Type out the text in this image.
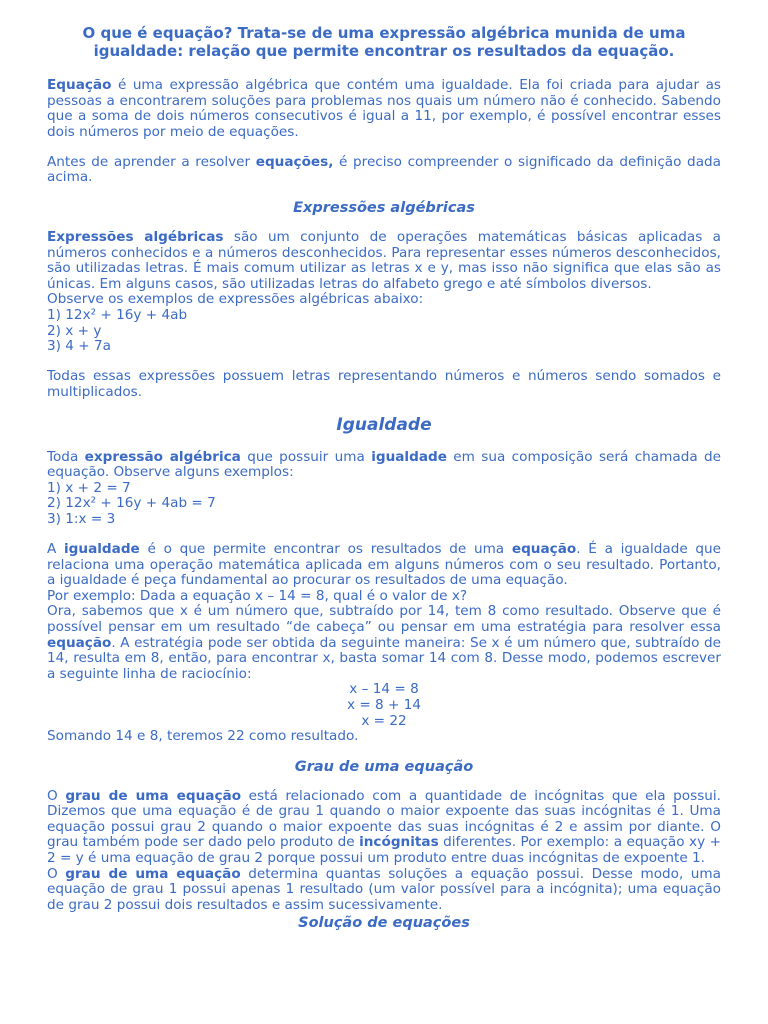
O que é equação? Trata-se de uma expressão algébrica munida de uma igualdade: relação que permite encontrar os resultados da equação.

Equação é uma expressão algébrica que contém uma igualdade. Ela foi criada para ajudar as pessoas a encontrarem soluções para problemas nos quais um número não é conhecido. Sabendo que a soma de dois números consecutivos é igual a 11, por exemplo, é possível encontrar esses dois números por meio de equações.

Antes de aprender a resolver equações, é preciso compreender o significado da definição dada acima.

Expressões algébricas

Expressões algébricas são um conjunto de operações matemáticas básicas aplicadas a números conhecidos e a números desconhecidos. Para representar esses números desconhecidos, são utilizadas letras. É mais comum utilizar as letras x e y, mas isso não significa que elas são as únicas. Em alguns casos, são utilizadas letras do alfabeto grego e até símbolos diversos.

Observe os exemplos de expressões algébricas abaixo:

1) 12x² + 16y + 4ab

2) x + y

3) 4 + 7a

Todas essas expressões possuem letras representando números e números sendo somados e multiplicados.

Igualdade

Toda expressão algébrica que possuir uma igualdade em sua composição será chamada de equação. Observe alguns exemplos:

1) x + 2 = 7

2) 12x² + 16y + 4ab = 7

3) 1:x = 3

A igualdade é o que permite encontrar os resultados de uma equação. É a igualdade que relaciona uma operação matemática aplicada em alguns números com o seu resultado. Portanto, a igualdade é peça fundamental ao procurar os resultados de uma equação.

Por exemplo: Dada a equação x – 14 = 8, qual é o valor de x?

Ora, sabemos que x é um número que, subtraído por 14, tem 8 como resultado. Observe que é possível pensar em um resultado “de cabeça” ou pensar em uma estratégia para resolver essa equação. A estratégia pode ser obtida da seguinte maneira: Se x é um número que, subtraído de 14, resulta em 8, então, para encontrar x, basta somar 14 com 8. Desse modo, podemos escrever a seguinte linha de raciocínio:

x – 14 = 8

x = 8 + 14

x = 22

Somando 14 e 8, teremos 22 como resultado.

Grau de uma equação

O grau de uma equação está relacionado com a quantidade de incógnitas que ela possui. Dizemos que uma equação é de grau 1 quando o maior expoente das suas incógnitas é 1. Uma equação possui grau 2 quando o maior expoente das suas incógnitas é 2 e assim por diante. O grau também pode ser dado pelo produto de incógnitas diferentes. Por exemplo: a equação xy + 2 = y é uma equação de grau 2 porque possui um produto entre duas incógnitas de expoente 1.

O grau de uma equação determina quantas soluções a equação possui. Desse modo, uma equação de grau 1 possui apenas 1 resultado (um valor possível para a incógnita); uma equação de grau 2 possui dois resultados e assim sucessivamente.

Solução de equações
